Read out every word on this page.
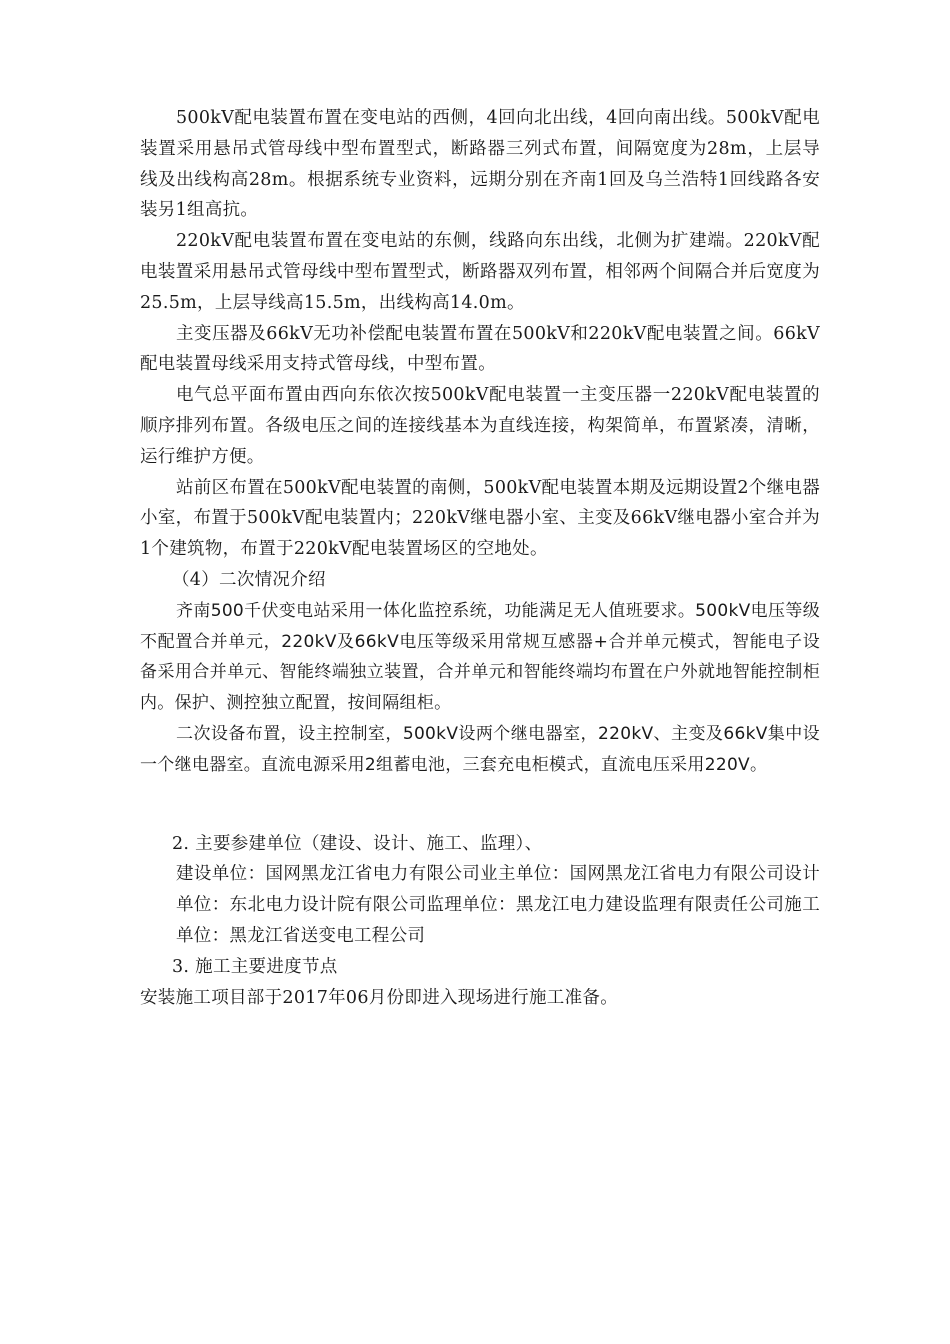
500kV配电装置布置在变电站的西侧，4回向北出线，4回向南出线。500kV配电装置采用悬吊式管母线中型布置型式，断路器三列式布置，间隔宽度为28m，上层导线及出线构高28m。根据系统专业资料，远期分别在齐南1回及乌兰浩特1回线路各安装另1组高抗。

220kV配电装置布置在变电站的东侧，线路向东出线，北侧为扩建端。220kV配电装置采用悬吊式管母线中型布置型式，断路器双列布置，相邻两个间隔合并后宽度为25.5m，上层导线高15.5m，出线构高14.0m。

主变压器及66kV无功补偿配电装置布置在500kV和220kV配电装置之间。66kV配电装置母线采用支持式管母线，中型布置。

电气总平面布置由西向东依次按500kV配电装置一主变压器一220kV配电装置的顺序排列布置。各级电压之间的连接线基本为直线连接，构架简单，布置紧凑，清晰，运行维护方便。

站前区布置在500kV配电装置的南侧，500kV配电装置本期及远期设置2个继电器小室，布置于500kV配电装置内；220kV继电器小室、主变及66kV继电器小室合并为1个建筑物，布置于220kV配电装置场区的空地处。

（4）二次情况介绍

齐南500千伏变电站采用一体化监控系统，功能满足无人值班要求。500kV电压等级不配置合并单元，220kV及66kV电压等级采用常规互感器+合并单元模式，智能电子设备采用合并单元、智能终端独立装置，合并单元和智能终端均布置在户外就地智能控制柜内。保护、测控独立配置，按间隔组柜。

二次设备布置，设主控制室，500kV设两个继电器室，220kV、主变及66kV集中设一个继电器室。直流电源采用2组蓄电池，三套充电柜模式，直流电压采用220V。

2. 主要参建单位（建设、设计、施工、监理）、

建设单位：国网黑龙江省电力有限公司业主单位：国网黑龙江省电力有限公司设计单位：东北电力设计院有限公司监理单位：黑龙江电力建设监理有限责任公司施工单位：黑龙江省送变电工程公司

3. 施工主要进度节点

安装施工项目部于2017年06月份即进入现场进行施工准备。
